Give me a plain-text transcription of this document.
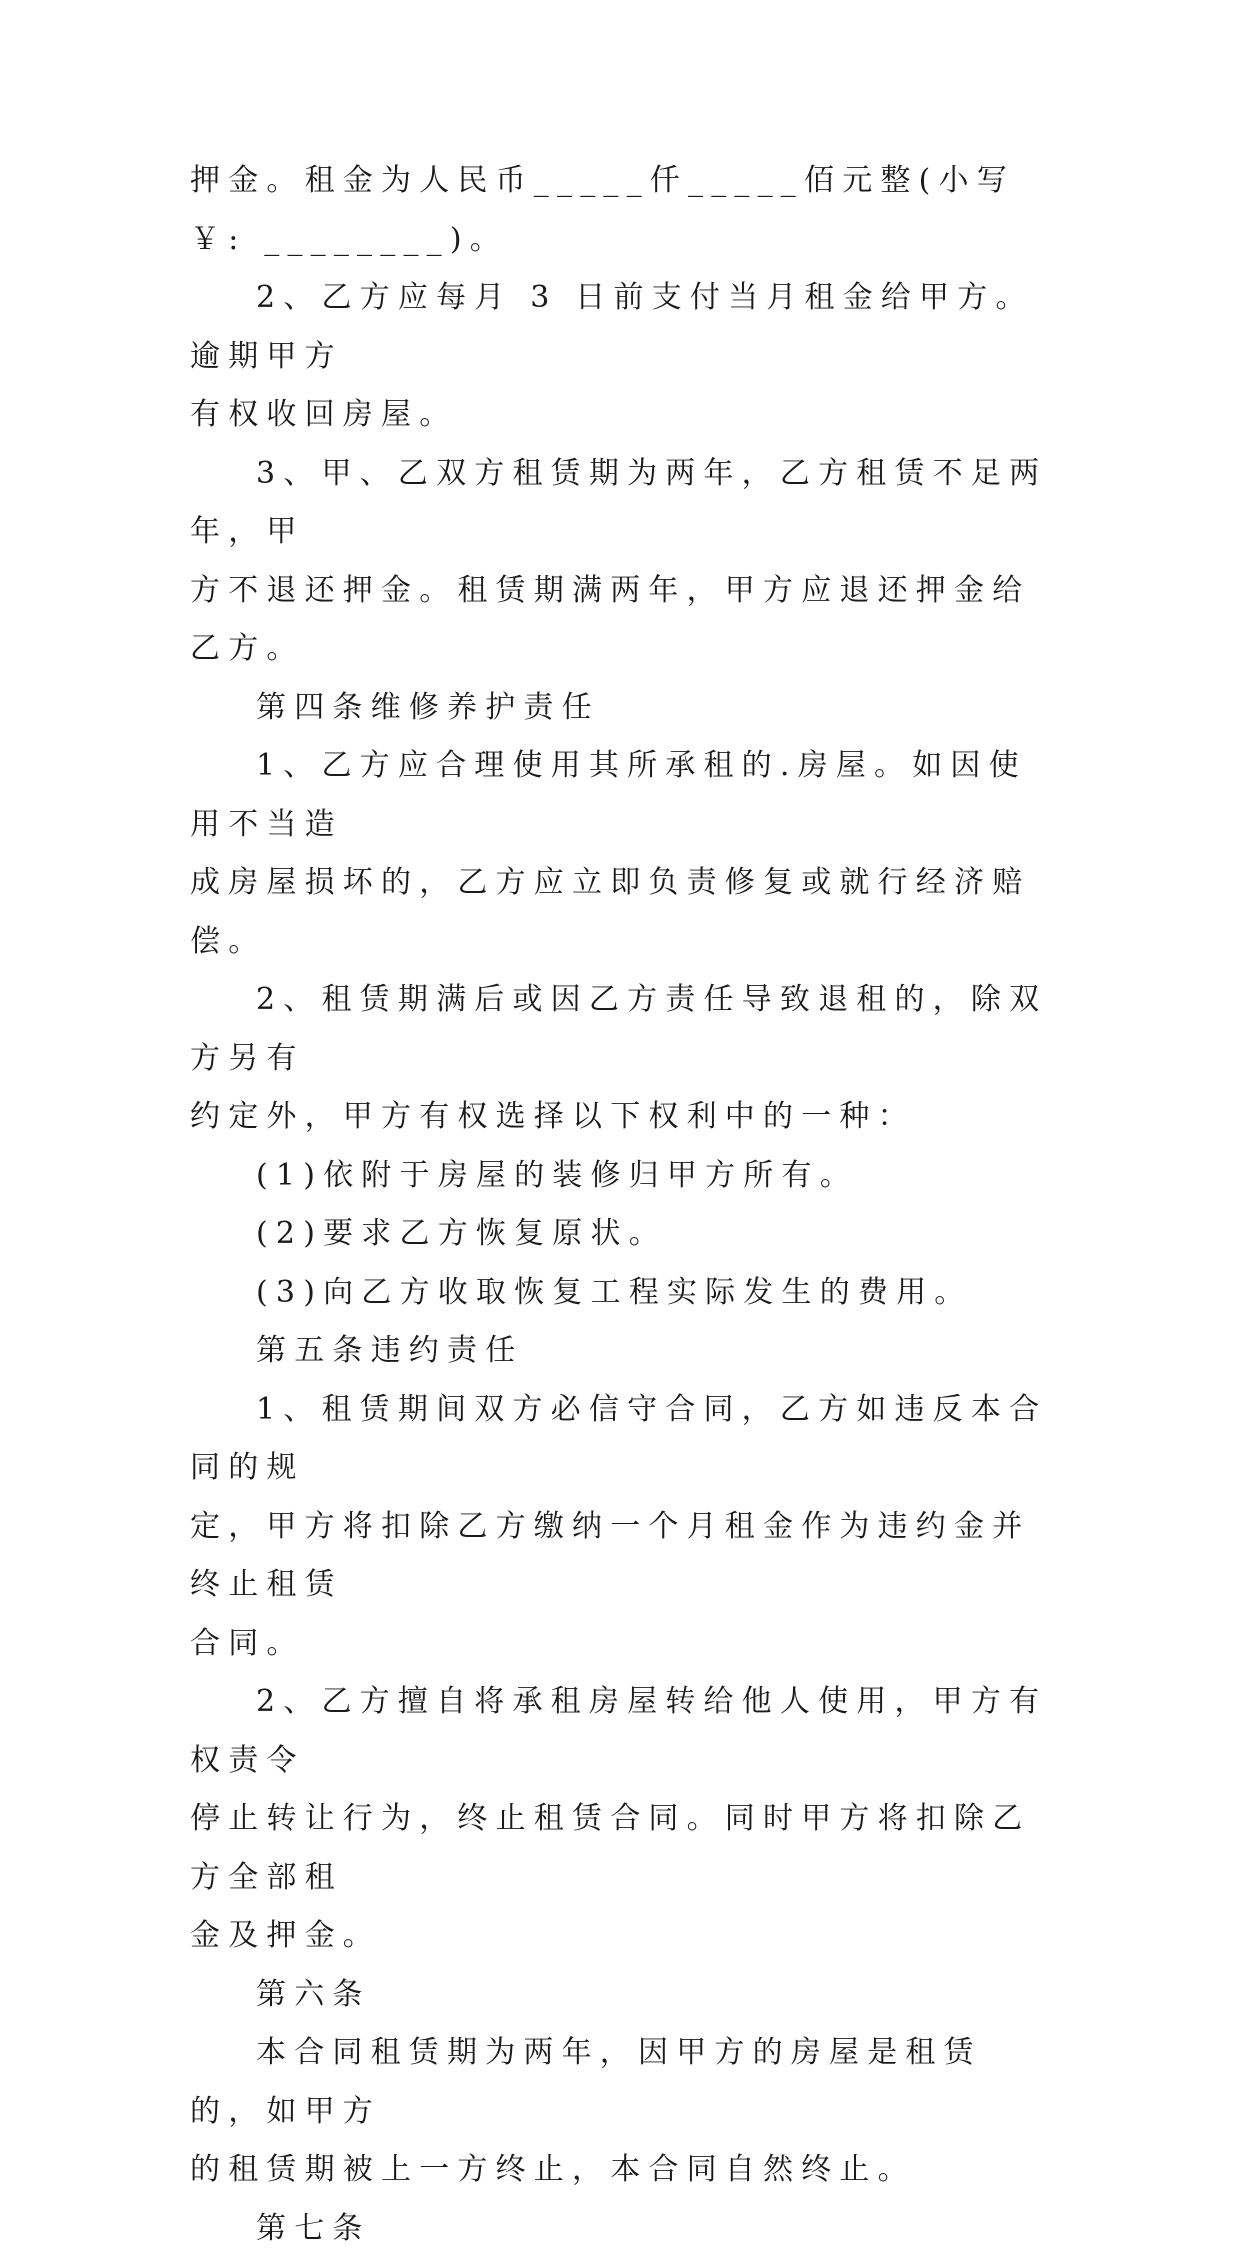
押金。租金为人民币_____仟_____佰元整(小写￥: ________)。

2、乙方应每月 3 日前支付当月租金给甲方。逾期甲方

有权收回房屋。

3、甲、乙双方租赁期为两年，乙方租赁不足两年，甲

方不退还押金。租赁期满两年，甲方应退还押金给乙方。

第四条维修养护责任

1、乙方应合理使用其所承租的.房屋。如因使用不当造

成房屋损坏的，乙方应立即负责修复或就行经济赔偿。

2、租赁期满后或因乙方责任导致退租的，除双方另有

约定外，甲方有权选择以下权利中的一种：

(1)依附于房屋的装修归甲方所有。

(2)要求乙方恢复原状。

(3)向乙方收取恢复工程实际发生的费用。

第五条违约责任

1、租赁期间双方必信守合同，乙方如违反本合同的规

定，甲方将扣除乙方缴纳一个月租金作为违约金并终止租赁

合同。

2、乙方擅自将承租房屋转给他人使用，甲方有权责令

停止转让行为，终止租赁合同。同时甲方将扣除乙方全部租

金及押金。

第六条

本合同租赁期为两年，因甲方的房屋是租赁的，如甲方

的租赁期被上一方终止，本合同自然终止。

第七条
